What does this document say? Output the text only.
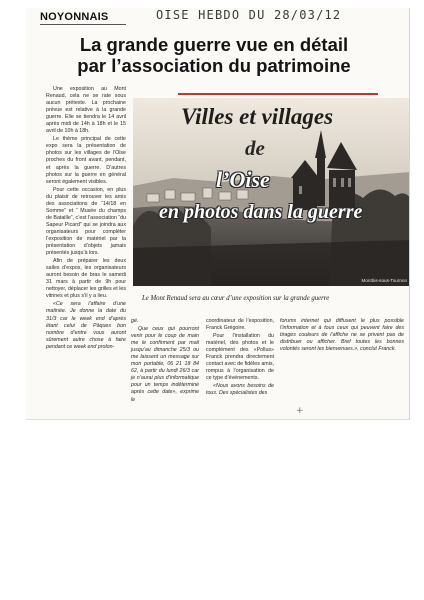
NOYONNAIS	OISE HEBDO DU 28/03/12
La grande guerre vue en détail
par l’association du patrimoine

Une exposition au Mont Renaud, cela ne se rate sous aucun prétexte. La prochaine prévue est relative à la grande guerre. Elle se tiendra le 14 avril après midi de 14h à 18h et le 15 avril de 10h à 18h.

Le thème principal de cette expo sera la présentation de photos sur les villages de l’Oise proches du front avant, pendant, et après la guerre. D’autres photos sur la guerre en général seront également visibles.

Pour cette occasion, en plus du plaisir de retrouver les amis des associations de “14/18 en Somme” et “ Musée du champs de Bataille”, c’est l’association “du Sapeur Picard” qui se joindra aux organisateurs pour compléter l’exposition de matériel par la présentation d’objets jamais présentés jusqu’à lors.

Afin de préparer les deux salles d’expos, les organisateurs auront besoin de bras le samedi 31 mars à partir de 9h pour nettoyer, déplacer les grilles et les vitrines et plus s’il y a lieu.

«Ce sera l’affaire d’une matinée. Je donne la date du 31/3 car le week end d’après étant celui de Pâques bon nombre d’entre vous auront sûrement autre chose à faire pendant ce week end prolon-

Villes et villages
de
l’Oise
en photos dans la guerre
Montbis-sous-Tournon
Le Mont Renaud sera au cœur d’une exposition sur la grande guerre

gé.

Que ceux qui pourront venir pour le coup de main me le confirment par mail jusqu’au dimanche 25/3 ou me laissent un message sur mon portable, 06 21 18 84 62, à partir du lundi 26/3 car je n’aurai plus d’informatique pour un temps indéterminé après cette date», exprime le

coordinateur de l’exposition, Franck Grégoire.

Pour l’installation du matériel, des photos et le complément des «Pollus» Franck prendra directement contact avec de fidèles amis, rompus à l’organisation de ce type d’événements.

«Nous avons besoins de tous. Des spécialistes des

forums internet qui diffusent le plus possible l’information et à tous ceux qui peuvent faire des tirages couleurs de l’affiche ne se privent pas de distribuer ou afficher. Bref toutes les bonnes volontés seront les bienvenues.», conclut Franck.

+
